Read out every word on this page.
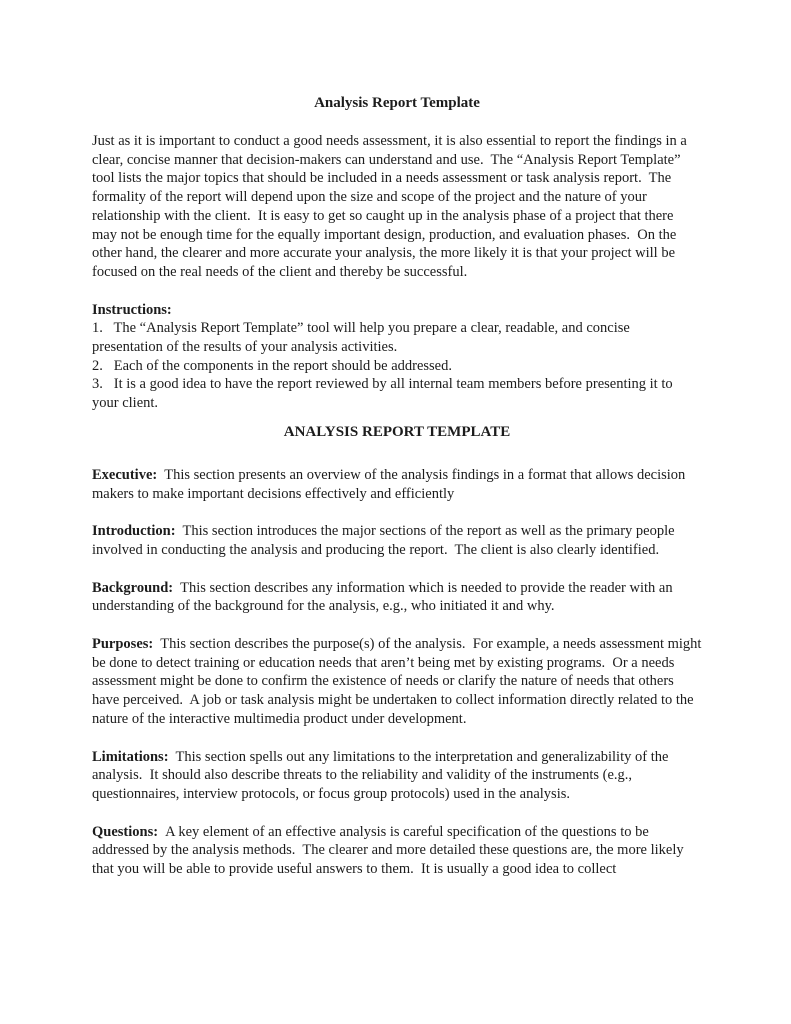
Analysis Report Template

Just as it is important to conduct a good needs assessment, it is also essential to report the findings in a clear, concise manner that decision-makers can understand and use.  The “Analysis Report Template” tool lists the major topics that should be included in a needs assessment or task analysis report.  The formality of the report will depend upon the size and scope of the project and the nature of your relationship with the client.  It is easy to get so caught up in the analysis phase of a project that there may not be enough time for the equally important design, production, and evaluation phases.  On the other hand, the clearer and more accurate your analysis, the more likely it is that your project will be focused on the real needs of the client and thereby be successful.

Instructions:
1.   The “Analysis Report Template” tool will help you prepare a clear, readable, and concise presentation of the results of your analysis activities.
2.   Each of the components in the report should be addressed.
3.   It is a good idea to have the report reviewed by all internal team members before presenting it to your client.
ANALYSIS REPORT TEMPLATE

Executive: This section presents an overview of the analysis findings in a format that allows decision makers to make important decisions effectively and efficiently

Introduction: This section introduces the major sections of the report as well as the primary people involved in conducting the analysis and producing the report.  The client is also clearly identified.

Background: This section describes any information which is needed to provide the reader with an understanding of the background for the analysis, e.g., who initiated it and why.

Purposes: This section describes the purpose(s) of the analysis.  For example, a needs assessment might be done to detect training or education needs that aren’t being met by existing programs.  Or a needs assessment might be done to confirm the existence of needs or clarify the nature of needs that others have perceived.  A job or task analysis might be undertaken to collect information directly related to the nature of the interactive multimedia product under development.

Limitations: This section spells out any limitations to the interpretation and generalizability of the analysis.  It should also describe threats to the reliability and validity of the instruments (e.g., questionnaires, interview protocols, or focus group protocols) used in the analysis.

Questions: A key element of an effective analysis is careful specification of the questions to be addressed by the analysis methods.  The clearer and more detailed these questions are, the more likely that you will be able to provide useful answers to them.  It is usually a good idea to collect
